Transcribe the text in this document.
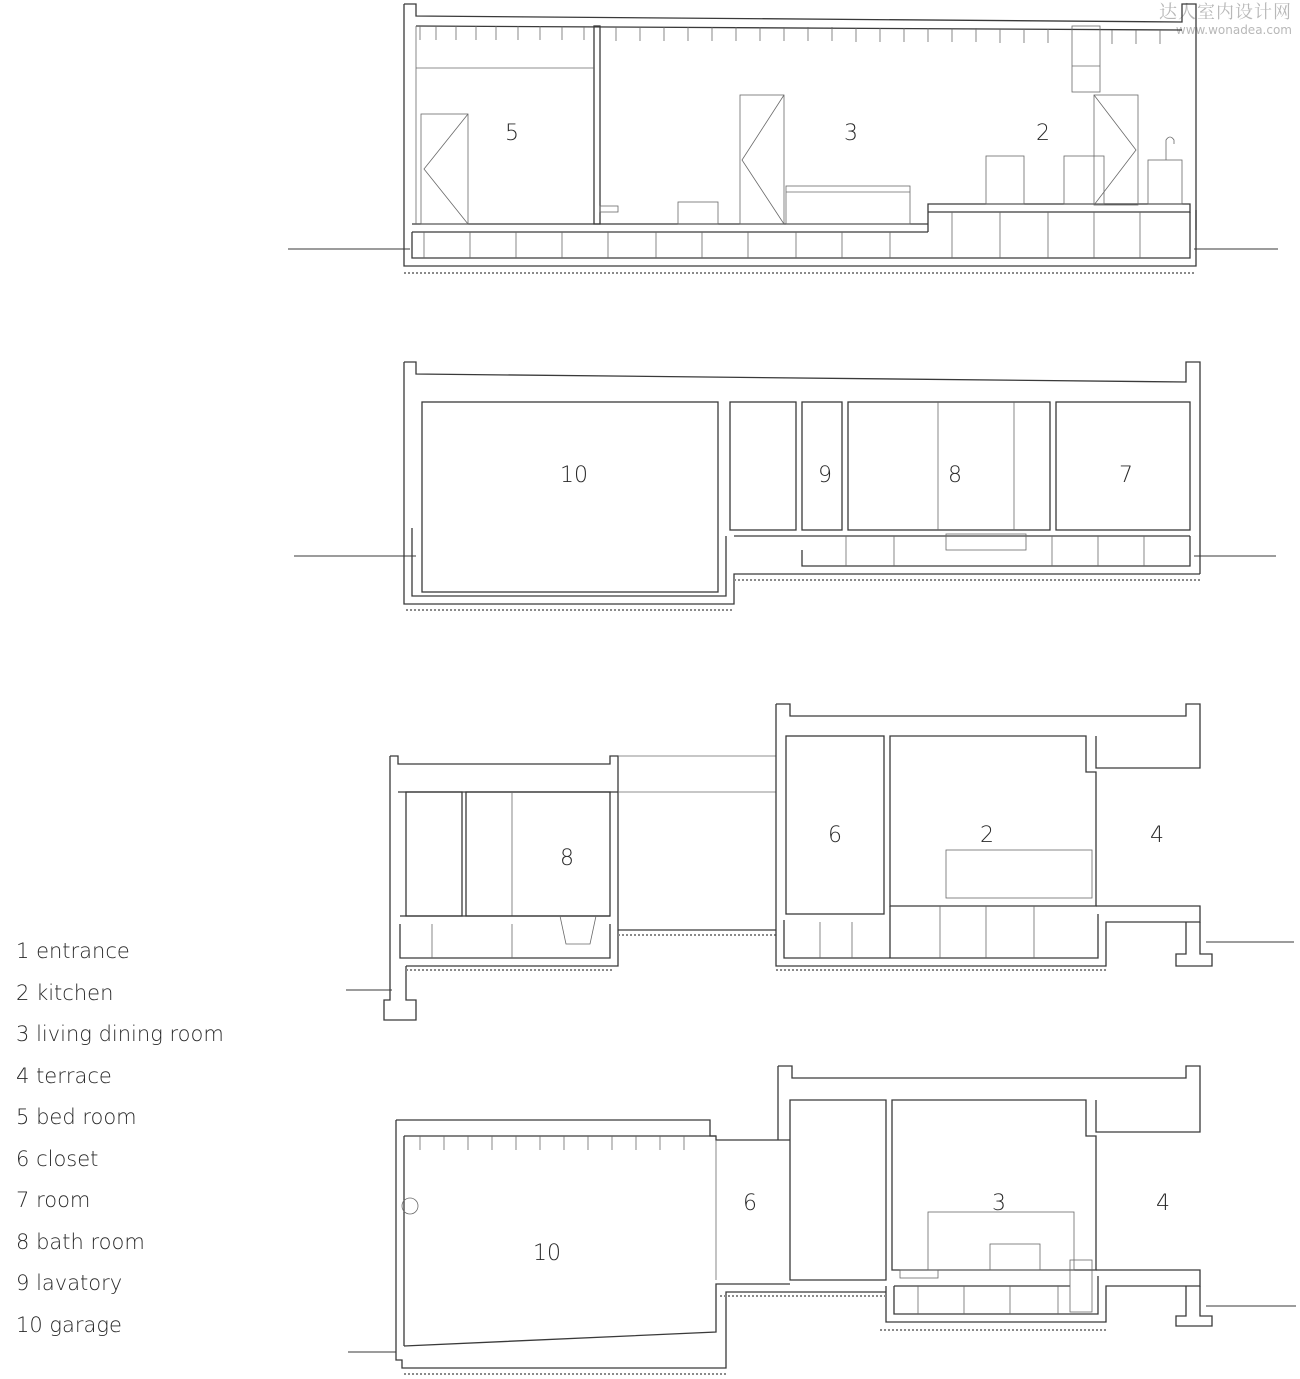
达人室内设计网
www.wonadea.com
5	3	2
10	9	8	7
8
6	2	4
10
6	3	4
1 entrance
2 kitchen
3 living dining room
4 terrace
5 bed room
6 closet
7 room
8 bath room
9 lavatory
10 garage
